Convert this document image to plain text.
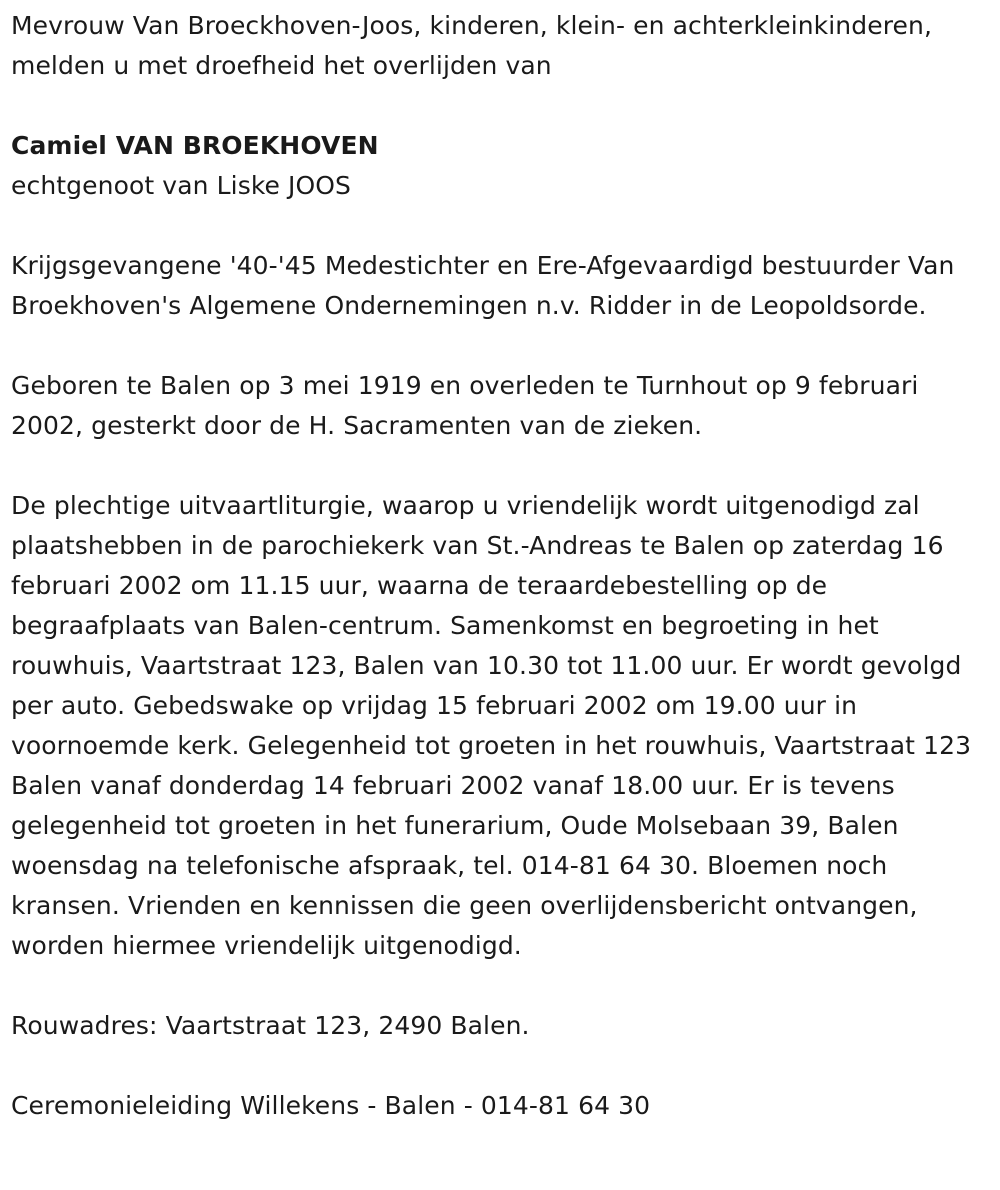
Mevrouw Van Broeckhoven-Joos, kinderen, klein- en achterkleinkinderen, melden u met droefheid het overlijden van

Camiel VAN BROEKHOVEN

echtgenoot van Liske JOOS

Krijgsgevangene '40-'45 Medestichter en Ere-Afgevaardigd bestuurder Van Broekhoven's Algemene Ondernemingen n.v. Ridder in de Leopoldsorde.

Geboren te Balen op 3 mei 1919 en overleden te Turnhout op 9 februari 2002, gesterkt door de H. Sacramenten van de zieken.

De plechtige uitvaartliturgie, waarop u vriendelijk wordt uitgenodigd zal plaatshebben in de parochiekerk van St.-Andreas te Balen op zaterdag 16 februari 2002 om 11.15 uur, waarna de teraardebestelling op de begraafplaats van Balen-centrum. Samenkomst en begroeting in het rouwhuis, Vaartstraat 123, Balen van 10.30 tot 11.00 uur. Er wordt gevolgd per auto. Gebedswake op vrijdag 15 februari 2002 om 19.00 uur in voornoemde kerk. Gelegenheid tot groeten in het rouwhuis, Vaartstraat 123 Balen vanaf donderdag 14 februari 2002 vanaf 18.00 uur. Er is tevens gelegenheid tot groeten in het funerarium, Oude Molsebaan 39, Balen woensdag na telefonische afspraak, tel. 014-81 64 30. Bloemen noch kransen. Vrienden en kennissen die geen overlijdensbericht ontvangen, worden hiermee vriendelijk uitgenodigd.

Rouwadres: Vaartstraat 123, 2490 Balen.

Ceremonieleiding Willekens - Balen - 014-81 64 30
